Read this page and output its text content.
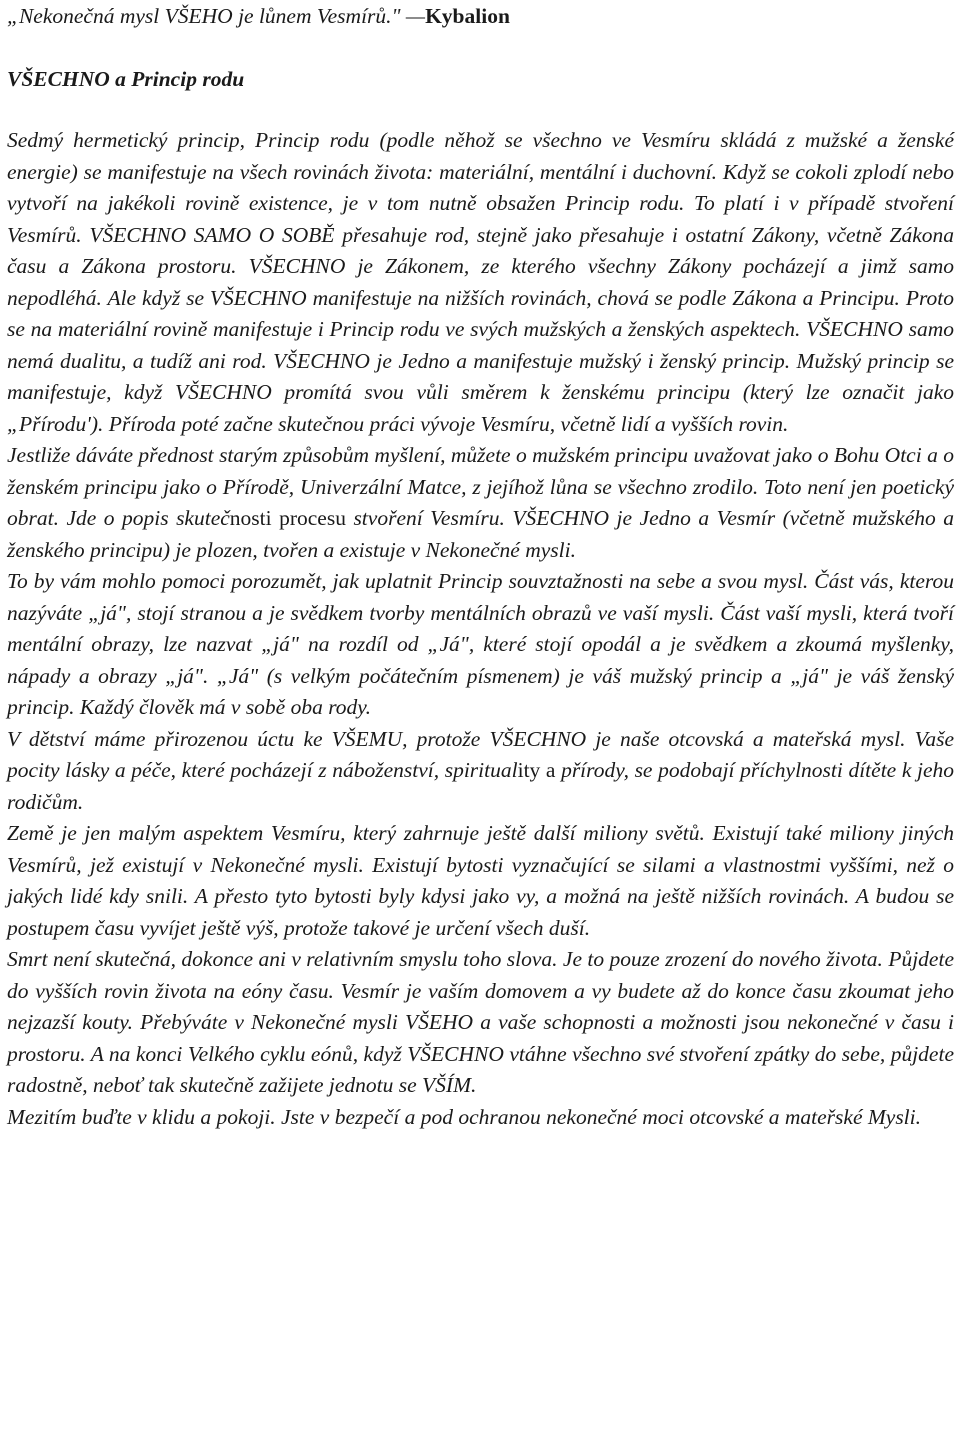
„Nekonečná mysl VŠEHO je lůnem Vesmírů." —Kybalion

VŠECHNO a Princip rodu

Sedmý hermetický princip, Princip rodu (podle něhož se všechno ve Vesmíru skládá z mužské a ženské energie) se manifestuje na všech rovinách života: materiální, mentální i duchovní. Když se cokoli zplodí nebo vytvoří na jakékoli rovině existence, je v tom nutně obsažen Princip rodu. To platí i v případě stvoření Vesmírů. VŠECHNO SAMO O SOBĚ přesahuje rod, stejně jako přesahuje i ostatní Zákony, včetně Zákona času a Zákona prostoru. VŠECHNO je Zákonem, ze kterého všechny Zákony pocházejí a jimž samo nepodléhá. Ale když se VŠECHNO manifestuje na nižších rovinách, chová se podle Zákona a Principu. Proto se na materiální rovině manifestuje i Princip rodu ve svých mužských a ženských aspektech. VŠECHNO samo nemá dualitu, a tudíž ani rod. VŠECHNO je Jedno a manifestuje mužský i ženský princip. Mužský princip se manifestuje, když VŠECHNO promítá svou vůli směrem k ženskému principu (který lze označit jako „Přírodu'). Příroda poté začne skutečnou práci vývoje Vesmíru, včetně lidí a vyšších rovin.

Jestliže dáváte přednost starým způsobům myšlení, můžete o mužském principu uvažovat jako o Bohu Otci a o ženském principu jako o Přírodě, Univerzální Matce, z jejíhož lůna se všechno zrodilo. Toto není jen poetický obrat. Jde o popis skutečnosti procesu stvoření Vesmíru. VŠECHNO je Jedno a Vesmír (včetně mužského a ženského principu) je plozen, tvořen a existuje v Nekonečné mysli.

To by vám mohlo pomoci porozumět, jak uplatnit Princip souvztažnosti na sebe a svou mysl. Část vás, kterou nazýváte „já", stojí stranou a je svědkem tvorby mentálních obrazů ve vaší mysli. Část vaší mysli, která tvoří mentální obrazy, lze nazvat „já" na rozdíl od „Já", které stojí opodál a je svědkem a zkoumá myšlenky, nápady a obrazy „já". „Já" (s velkým počátečním písmenem) je váš mužský princip a „já" je váš ženský princip. Každý člověk má v sobě oba rody.

V dětství máme přirozenou úctu ke VŠEMU, protože VŠECHNO je naše otcovská a mateřská mysl. Vaše pocity lásky a péče, které pocházejí z náboženství, spirituality a přírody, se podobají příchylnosti dítěte k jeho rodičům.

Země je jen malým aspektem Vesmíru, který zahrnuje ještě další miliony světů. Existují také miliony jiných Vesmírů, jež existují v Nekonečné mysli. Existují bytosti vyznačující se silami a vlastnostmi vyššími, než o jakých lidé kdy snili. A přesto tyto bytosti byly kdysi jako vy, a možná na ještě nižších rovinách. A budou se postupem času vyvíjet ještě výš, protože takové je určení všech duší.

Smrt není skutečná, dokonce ani v relativním smyslu toho slova. Je to pouze zrození do nového života. Půjdete do vyšších rovin života na eóny času. Vesmír je vaším domovem a vy budete až do konce času zkoumat jeho nejzazší kouty. Přebýváte v Nekonečné mysli VŠEHO a vaše schopnosti a možnosti jsou nekonečné v času i prostoru. A na konci Velkého cyklu eónů, když VŠECHNO vtáhne všechno své stvoření zpátky do sebe, půjdete radostně, neboť tak skutečně zažijete jednotu se VŠÍM.

Mezitím buďte v klidu a pokoji. Jste v bezpečí a pod ochranou nekonečné moci otcovské a mateřské Mysli.
